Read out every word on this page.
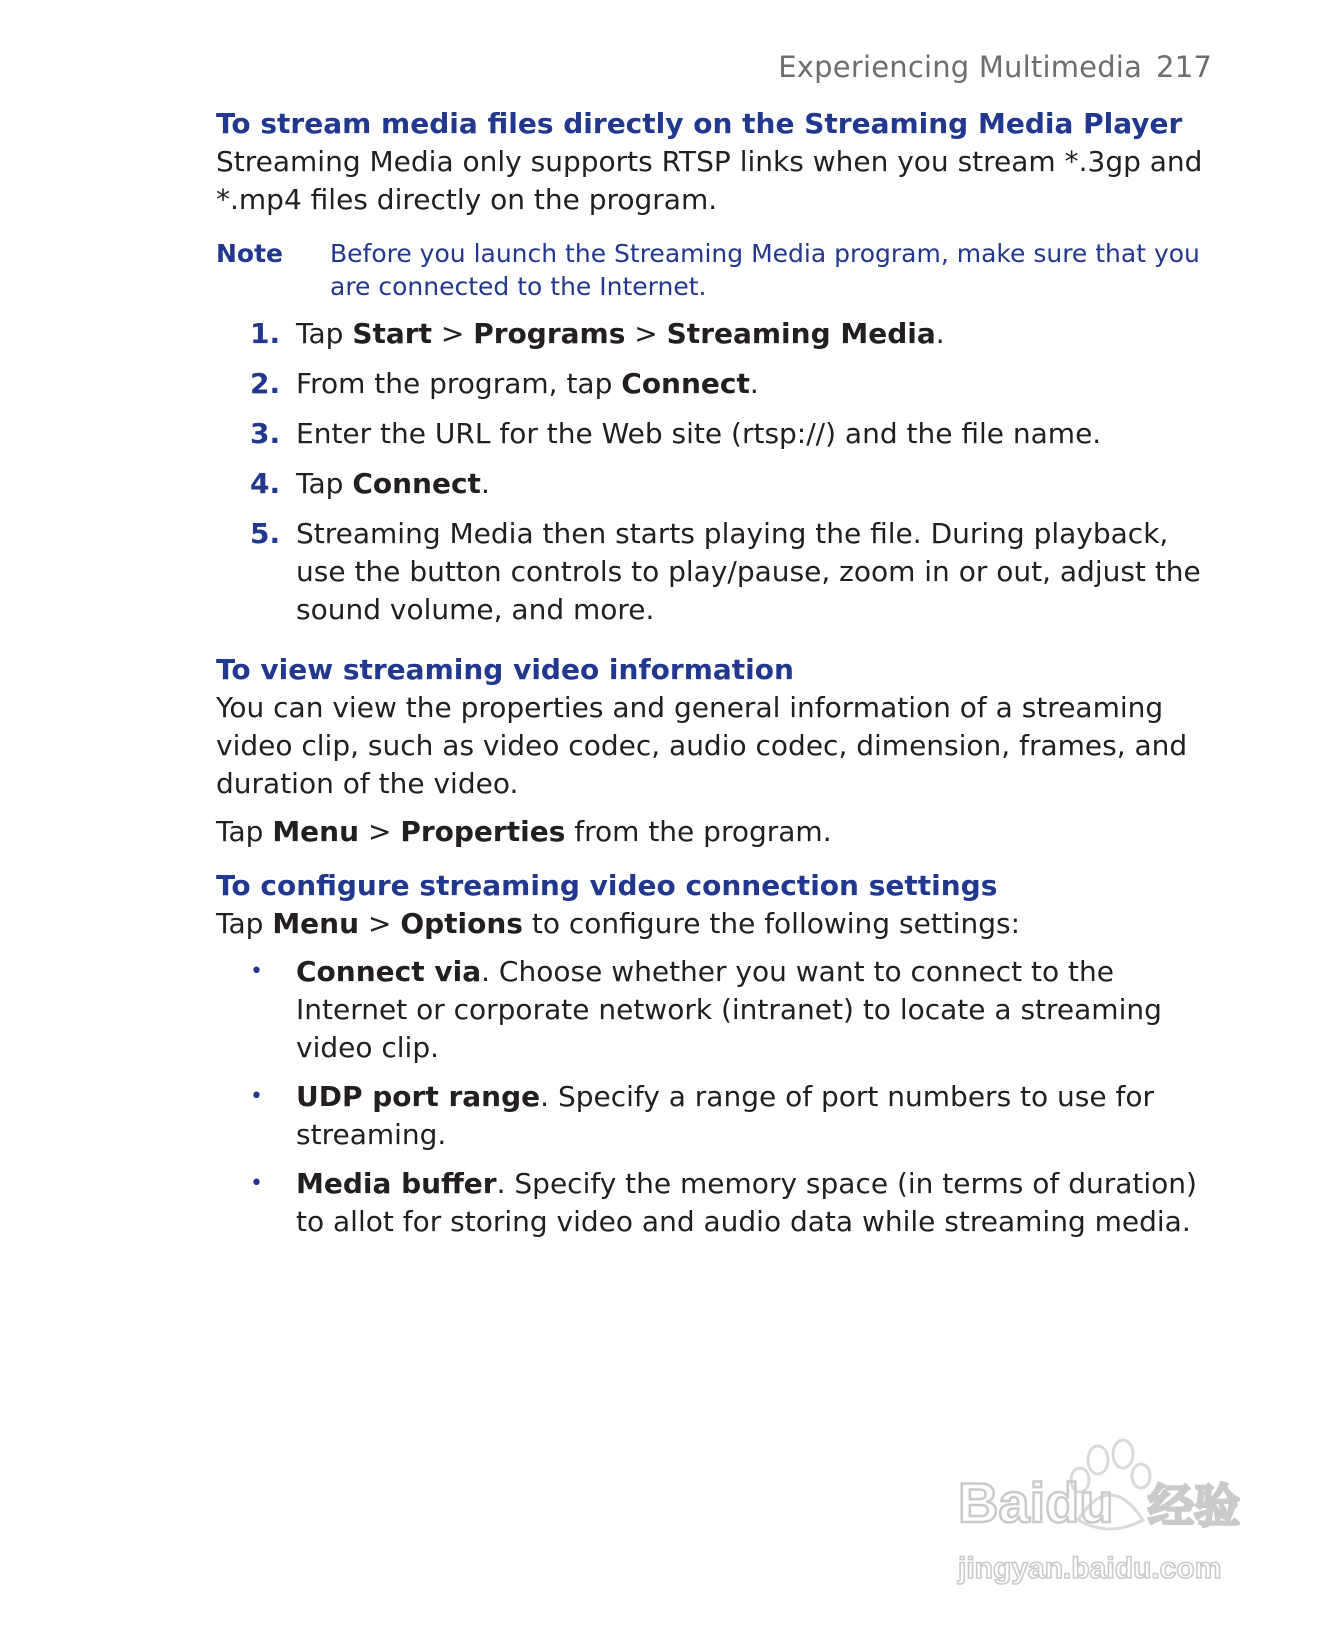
Experiencing Multimedia 217
To stream media files directly on the Streaming Media Player

Streaming Media only supports RTSP links when you stream *.3gp and *.mp4 files directly on the program.

Note	Before you launch the Streaming Media program, make sure that you are connected to the Internet.
1. Tap Start > Programs > Streaming Media.
2. From the program, tap Connect.
3. Enter the URL for the Web site (rtsp://) and the file name.
4. Tap Connect.
5. Streaming Media then starts playing the file. During playback, use the button controls to play/pause, zoom in or out, adjust the sound volume, and more.
To view streaming video information

You can view the properties and general information of a streaming video clip, such as video codec, audio codec, dimension, frames, and duration of the video.

Tap Menu > Properties from the program.

To configure streaming video connection settings

Tap Menu > Options to configure the following settings:

•	Connect via. Choose whether you want to connect to the Internet or corporate network (intranet) to locate a streaming video clip.
•	UDP port range. Specify a range of port numbers to use for streaming.
•	Media buffer. Specify the memory space (in terms of duration) to allot for storing video and audio data while streaming media.
Baidu 经验
jingyan.baidu.com
